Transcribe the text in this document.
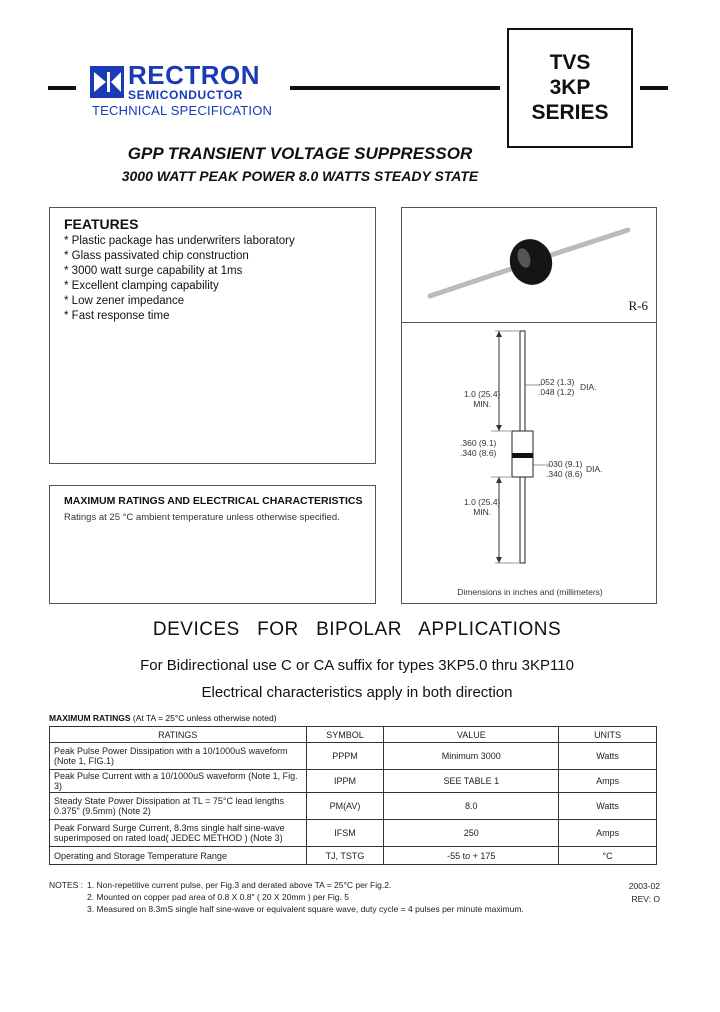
RECTRON
SEMICONDUCTOR
TECHNICAL SPECIFICATION
TVS
3KP
SERIES
GPP TRANSIENT VOLTAGE SUPPRESSOR
3000 WATT PEAK POWER 8.0 WATTS STEADY STATE
FEATURES
* Plastic package has underwriters laboratory
* Glass passivated chip construction
* 3000 watt surge capability at 1ms
* Excellent clamping capability
* Low zener impedance
* Fast response time
R-6
.052 (1.3)
.048 (1.2) DIA.
1.0 (25.4)
MIN.
.360 (9.1)
.340 (8.6)
.030 (9.1)
.340 (8.6) DIA.
1.0 (25.4)
MIN.
Dimensions in inches and (millimeters)
MAXIMUM RATINGS AND ELECTRICAL CHARACTERISTICS
Ratings at 25 °C ambient temperature unless otherwise specified.
DEVICES   FOR   BIPOLAR   APPLICATIONS
For Bidirectional use C or CA suffix for types 3KP5.0 thru 3KP110
Electrical characteristics apply in both direction
MAXIMUM RATINGS (At TA = 25°C unless otherwise noted)
RATINGS	SYMBOL	VALUE	UNITS
Peak Pulse Power Dissipation with a 10/1000uS waveform (Note 1, FIG.1)	PPPM	Minimum 3000	Watts
Peak Pulse Current with a 10/1000uS waveform (Note 1, Fig. 3)	IPPM	SEE TABLE 1	Amps
Steady State Power Dissipation at TL = 75°C lead lengths 0.375" (9.5mm) (Note 2)	PM(AV)	8.0	Watts
Peak Forward Surge Current, 8.3ms single half sine-wave superimposed on rated load( JEDEC METHOD ) (Note 3)	IFSM	250	Amps
Operating and Storage Temperature Range	TJ, TSTG	-55 to + 175	°C
NOTES : 1. Non-repetitive current pulse, per Fig.3 and derated above TA = 25°C per Fig.2.
2. Mounted on copper pad area of 0.8 X 0.8" ( 20 X 20mm ) per Fig. 5
3. Measured on 8.3mS single half sine-wave or equivalent square wave, duty cycle = 4 pulses per minute maximum.
2003-02
REV: O
